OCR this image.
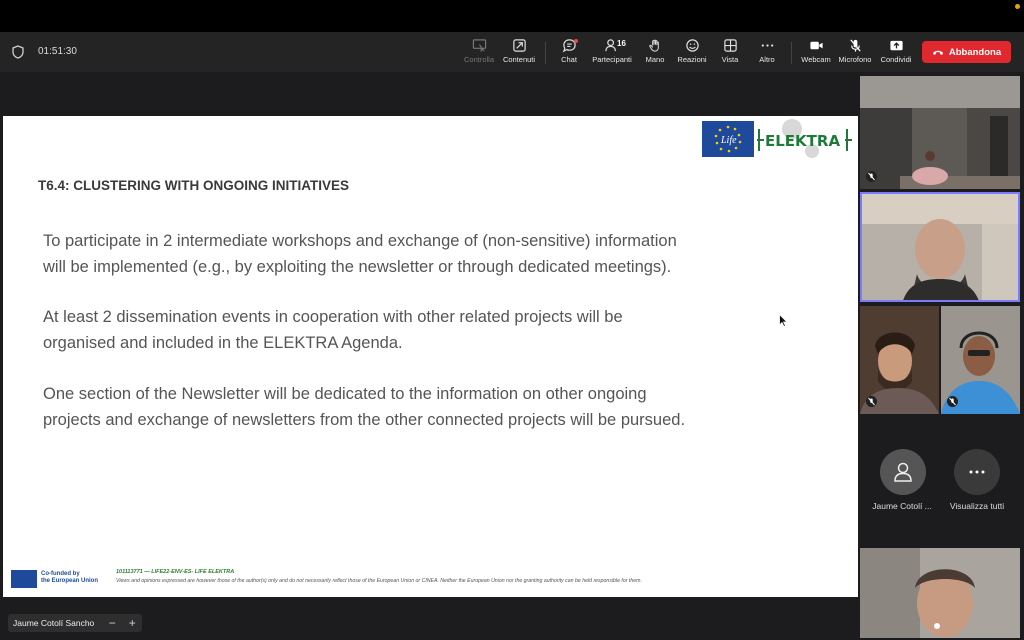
01:51:30
Controlla	Contenuti	Chat
16
Partecipanti	Mano	Reazioni	Vista	Altro	Webcam	Microfono	Condividi
Abbandona
Life ELEKTRA
T6.4: CLUSTERING WITH ONGOING INITIATIVES

To participate in 2 intermediate workshops and exchange of (non-sensitive) information
will be implemented (e.g., by exploiting the newsletter or through dedicated meetings).

At least 2 dissemination events in cooperation with other related projects will be
organised and included in the ELEKTRA Agenda.

One section of the Newsletter will be dedicated to the information on other ongoing
projects and exchange of newsletters from the other connected projects will be pursued.

Co-funded by
the European Union
101113771 — LIFE22-ENV-ES- LIFE ELEKTRA
Views and opinions expressed are however those of the author(s) only and do not necessarily reflect those of the European Union or CINEA. Neither the European Union nor the granting authority can be held responsible for them.
Jaume Cotolí ...	Visualizza tutti
Jaume Cotolí Sancho	−	+
